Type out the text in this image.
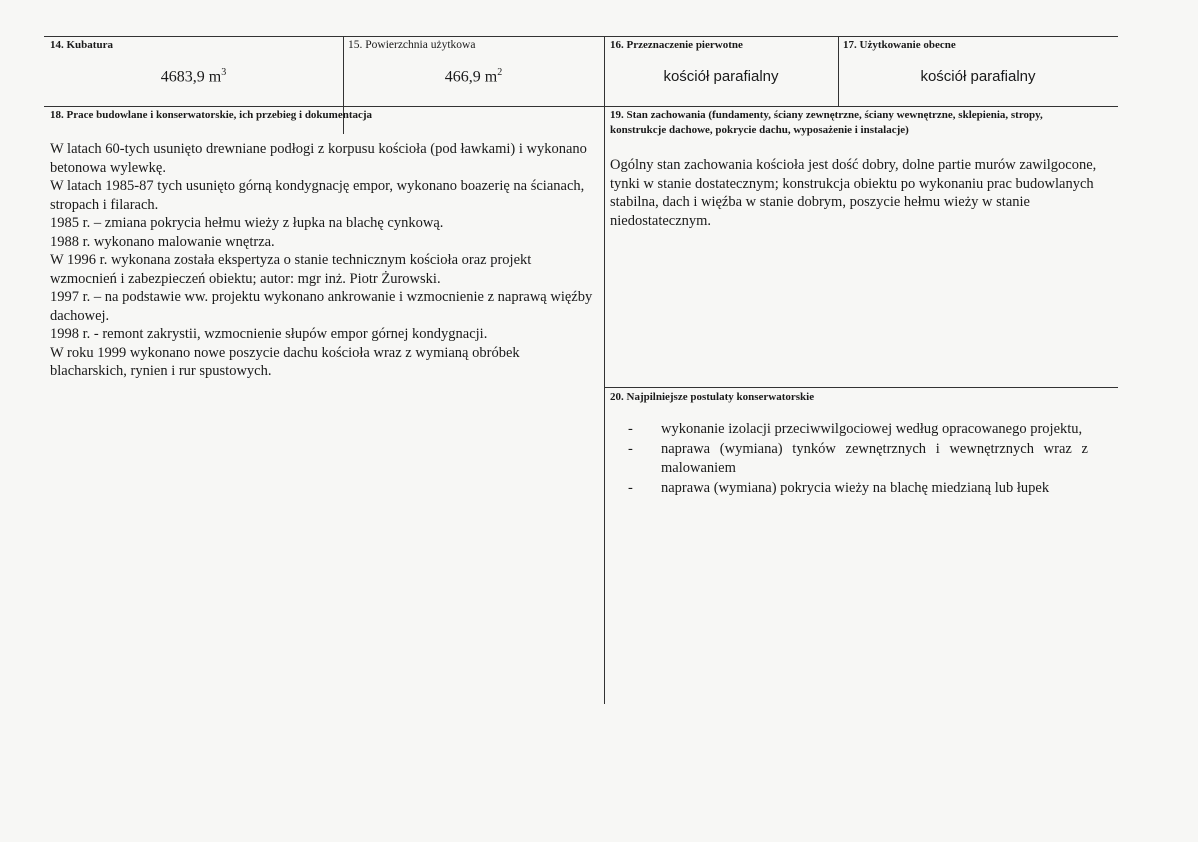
14. Kubatura
4683,9 $m^3$
15. Powierzchnia użytkowa
466,9 $m^2$
16. Przeznaczenie pierwotne
kościół parafialny
17. Użytkowanie obecne
kościół parafialny
18. Prace budowlane i konserwatorskie, ich przebieg i dokumentacja

W latach 60-tych usunięto drewniane podłogi z korpusu kościoła (pod ławkami) i wykonano betonowa wylewkę.

W latach 1985-87 tych usunięto górną kondygnację empor, wykonano boazerię na ścianach, stropach i filarach.

1985 r. – zmiana pokrycia hełmu wieży z łupka na blachę cynkową.

1988 r. wykonano malowanie wnętrza.

W 1996 r. wykonana została ekspertyza o stanie technicznym kościoła oraz projekt wzmocnień i zabezpieczeń obiektu; autor: mgr inż. Piotr Żurowski.

1997 r. – na podstawie ww. projektu wykonano ankrowanie i wzmocnienie z naprawą więźby dachowej.

1998 r. - remont zakrystii, wzmocnienie słupów empor górnej kondygnacji.

W roku 1999 wykonano nowe poszycie dachu kościoła wraz z wymianą obróbek blacharskich, rynien i rur spustowych.

19. Stan zachowania (fundamenty, ściany zewnętrzne, ściany wewnętrzne, sklepienia, stropy, konstrukcje dachowe, pokrycie dachu, wyposażenie i instalacje)
Ogólny stan zachowania kościoła jest dość dobry, dolne partie murów zawilgocone, tynki w stanie dostatecznym; konstrukcja obiektu po wykonaniu prac budowlanych stabilna, dach i więźba w stanie dobrym, poszycie hełmu wieży w stanie niedostatecznym.
20. Najpilniejsze postulaty konserwatorskie
- wykonanie izolacji przeciwwilgociowej według opracowanego projektu,
- naprawa (wymiana) tynków zewnętrznych i wewnętrznych wraz z malowaniem
- naprawa (wymiana) pokrycia wieży na blachę miedzianą lub łupek
